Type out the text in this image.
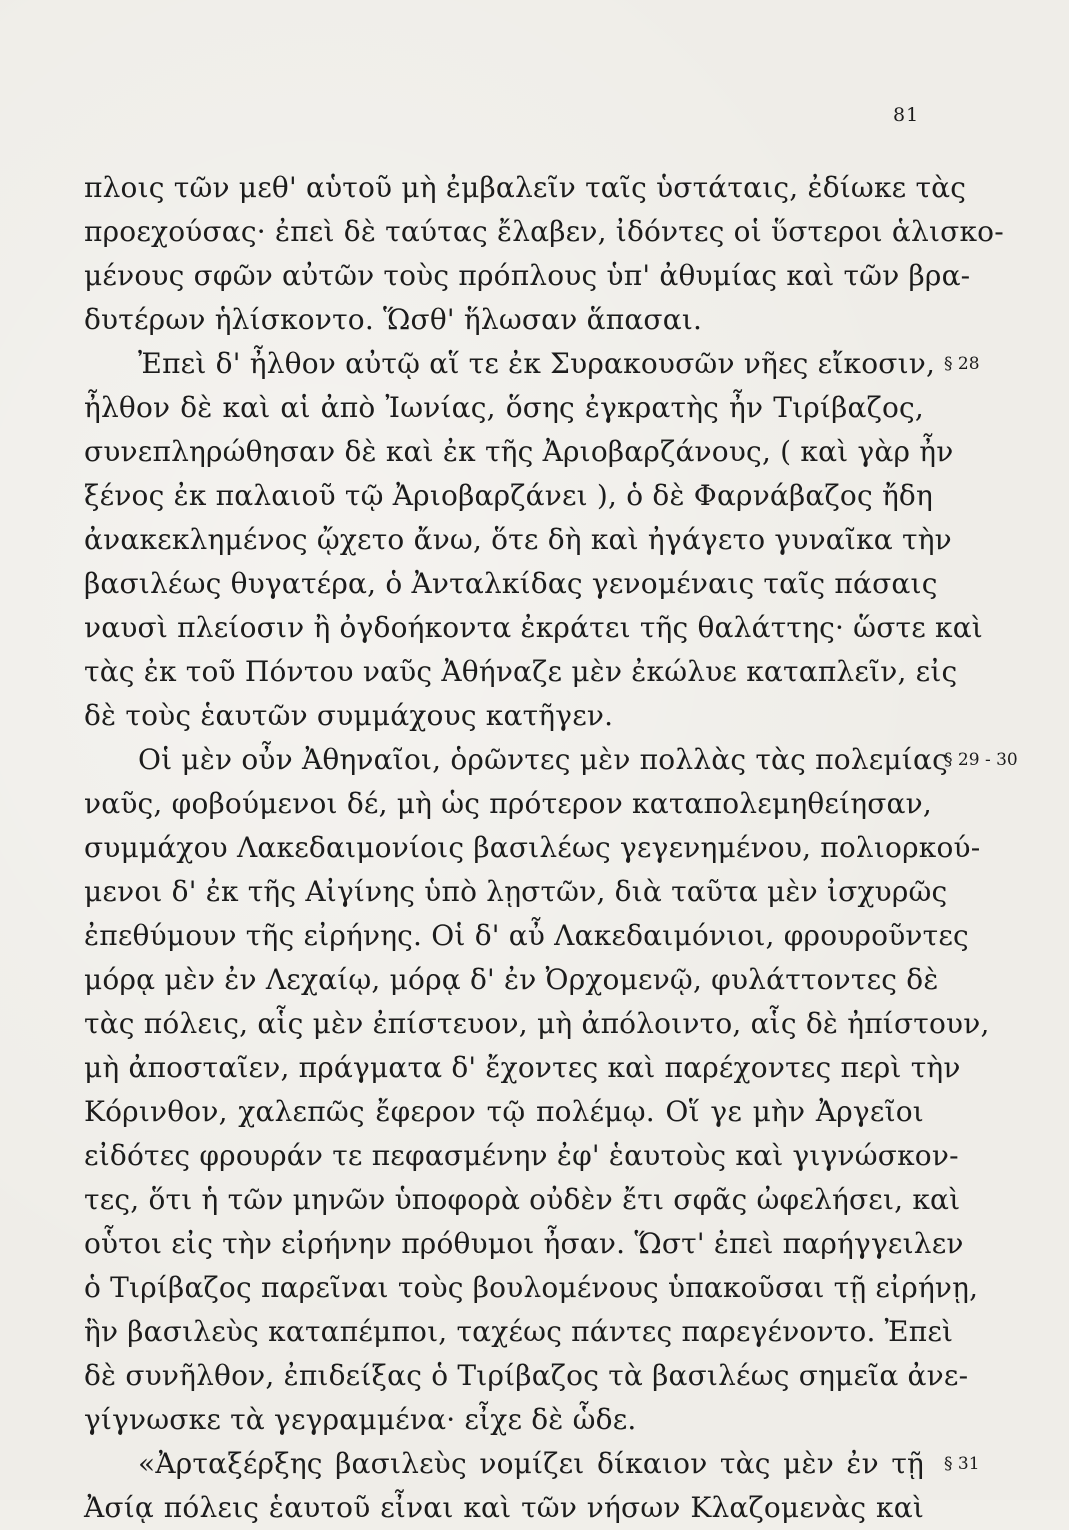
81
πλοις τῶν μεθ' αὑτοῦ μὴ ἐμβαλεῖν ταῖς ὑστάταις, ἐδίωκε τὰς
προεχούσας· ἐπεὶ δὲ ταύτας ἔλαβεν, ἰδόντες οἱ ὕστεροι ἁλισκο-
μένους σφῶν αὐτῶν τοὺς πρόπλους ὑπ' ἀθυμίας καὶ τῶν βρα-
δυτέρων ἡλίσκοντο. Ὥσθ' ἥλωσαν ἅπασαι.
Ἐπεὶ δ' ἦλθον αὐτῷ αἵ τε ἐκ Συρακουσῶν νῆες εἴκοσιν,
ἦλθον δὲ καὶ αἱ ἀπὸ Ἰωνίας, ὅσης ἐγκρατὴς ἦν Τιρίβαζος,
συνεπληρώθησαν δὲ καὶ ἐκ τῆς Ἀριοβαρζάνους, ( καὶ γὰρ ἦν
ξένος ἐκ παλαιοῦ τῷ Ἀριοβαρζάνει ), ὁ δὲ Φαρνάβαζος ἤδη
ἀνακεκλημένος ᾤχετο ἄνω, ὅτε δὴ καὶ ἠγάγετο γυναῖκα τὴν
βασιλέως θυγατέρα, ὁ Ἀνταλκίδας γενομέναις ταῖς πάσαις
ναυσὶ πλείοσιν ἢ ὀγδοήκοντα ἐκράτει τῆς θαλάττης· ὥστε καὶ
τὰς ἐκ τοῦ Πόντου ναῦς Ἀθήναζε μὲν ἐκώλυε καταπλεῖν, εἰς
δὲ τοὺς ἑαυτῶν συμμάχους κατῆγεν.
Οἱ μὲν οὖν Ἀθηναῖοι, ὁρῶντες μὲν πολλὰς τὰς πολεμίας
ναῦς, φοβούμενοι δέ, μὴ ὡς πρότερον καταπολεμηθείησαν,
συμμάχου Λακεδαιμονίοις βασιλέως γεγενημένου, πολιορκού-
μενοι δ' ἐκ τῆς Αἰγίνης ὑπὸ λῃστῶν, διὰ ταῦτα μὲν ἰσχυρῶς
ἐπεθύμουν τῆς εἰρήνης. Οἱ δ' αὖ Λακεδαιμόνιοι, φρουροῦντες
μόρᾳ μὲν ἐν Λεχαίῳ, μόρᾳ δ' ἐν Ὀρχομενῷ, φυλάττοντες δὲ
τὰς πόλεις, αἷς μὲν ἐπίστευον, μὴ ἀπόλοιντο, αἷς δὲ ἠπίστουν,
μὴ ἀποσταῖεν, πράγματα δ' ἔχοντες καὶ παρέχοντες περὶ τὴν
Κόρινθον, χαλεπῶς ἔφερον τῷ πολέμῳ. Οἵ γε μὴν Ἀργεῖοι
εἰδότες φρουράν τε πεφασμένην ἐφ' ἑαυτοὺς καὶ γιγνώσκον-
τες, ὅτι ἡ τῶν μηνῶν ὑποφορὰ οὐδὲν ἔτι σφᾶς ὠφελήσει, καὶ
οὗτοι εἰς τὴν εἰρήνην πρόθυμοι ἦσαν. Ὥστ' ἐπεὶ παρήγγειλεν
ὁ Τιρίβαζος παρεῖναι τοὺς βουλομένους ὑπακοῦσαι τῇ εἰρήνῃ,
ἣν βασιλεὺς καταπέμποι, ταχέως πάντες παρεγένοντο. Ἐπεὶ
δὲ συνῆλθον, ἐπιδείξας ὁ Τιρίβαζος τὰ βασιλέως σημεῖα ἀνε-
γίγνωσκε τὰ γεγραμμένα· εἶχε δὲ ὧδε.
«Ἀρταξέρξης βασιλεὺς νομίζει δίκαιον τὰς μὲν ἐν τῇ
Ἀσίᾳ πόλεις ἑαυτοῦ εἶναι καὶ τῶν νήσων Κλαζομενὰς καὶ
§ 28
§ 29 - 30
§ 31
